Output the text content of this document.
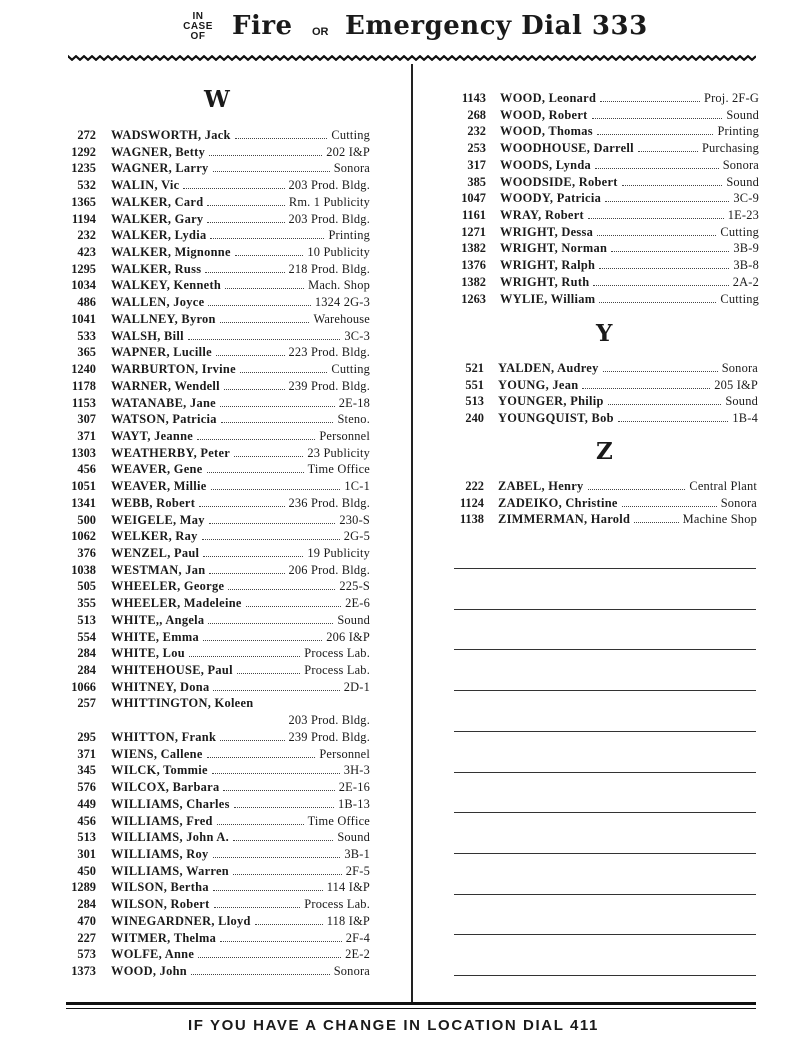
IN
CASE
OF	Fire OR Emergency Dial 333
W
Y
Z
272 WADSWORTH, Jack	Cutting
1292 WAGNER, Betty	202 I&P
1235 WAGNER, Larry	Sonora
532 WALIN, Vic	203 Prod. Bldg.
1365 WALKER, Card	Rm. 1 Publicity
1194 WALKER, Gary	203 Prod. Bldg.
232 WALKER, Lydia	Printing
423 WALKER, Mignonne	10 Publicity
1295 WALKER, Russ	218 Prod. Bldg.
1034 WALKEY, Kenneth	Mach. Shop
486 WALLEN, Joyce	1324 2G-3
1041 WALLNEY, Byron	Warehouse
533 WALSH, Bill	3C-3
365 WAPNER, Lucille	223 Prod. Bldg.
1240 WARBURTON, Irvine	Cutting
1178 WARNER, Wendell	239 Prod. Bldg.
1153 WATANABE, Jane	2E-18
307 WATSON, Patricia	Steno.
371 WAYT, Jeanne	Personnel
1303 WEATHERBY, Peter	23 Publicity
456 WEAVER, Gene	Time Office
1051 WEAVER, Millie	1C-1
1341 WEBB, Robert	236 Prod. Bldg.
500 WEIGELE, May	230-S
1062 WELKER, Ray	2G-5
376 WENZEL, Paul	19 Publicity
1038 WESTMAN, Jan	206 Prod. Bldg.
505 WHEELER, George	225-S
355 WHEELER, Madeleine	2E-6
513 WHITE,, Angela	Sound
554 WHITE, Emma	206 I&P
284 WHITE, Lou	Process Lab.
284 WHITEHOUSE, Paul	Process Lab.
1066 WHITNEY, Dona	2D-1
257 WHITTINGTON, Koleen
203 Prod. Bldg.
295 WHITTON, Frank	239 Prod. Bldg.
371 WIENS, Callene	Personnel
345 WILCK, Tommie	3H-3
576 WILCOX, Barbara	2E-16
449 WILLIAMS, Charles	1B-13
456 WILLIAMS, Fred	Time Office
513 WILLIAMS, John A.	Sound
301 WILLIAMS, Roy	3B-1
450 WILLIAMS, Warren	2F-5
1289 WILSON, Bertha	114 I&P
284 WILSON, Robert	Process Lab.
470 WINEGARDNER, Lloyd	118 I&P
227 WITMER, Thelma	2F-4
573 WOLFE, Anne	2E-2
1373 WOOD, John	Sonora
1143 WOOD, Leonard	Proj. 2F-G
268 WOOD, Robert	Sound
232 WOOD, Thomas	Printing
253 WOODHOUSE, Darrell	Purchasing
317 WOODS, Lynda	Sonora
385 WOODSIDE, Robert	Sound
1047 WOODY, Patricia	3C-9
1161 WRAY, Robert	1E-23
1271 WRIGHT, Dessa	Cutting
1382 WRIGHT, Norman	3B-9
1376 WRIGHT, Ralph	3B-8
1382 WRIGHT, Ruth	2A-2
1263 WYLIE, William	Cutting
521 YALDEN, Audrey	Sonora
551 YOUNG, Jean	205 I&P
513 YOUNGER, Philip	Sound
240 YOUNGQUIST, Bob	1B-4
222 ZABEL, Henry	Central Plant
1124 ZADEIKO, Christine	Sonora
1138 ZIMMERMAN, Harold	Machine Shop
IF YOU HAVE A CHANGE IN LOCATION DIAL 411
